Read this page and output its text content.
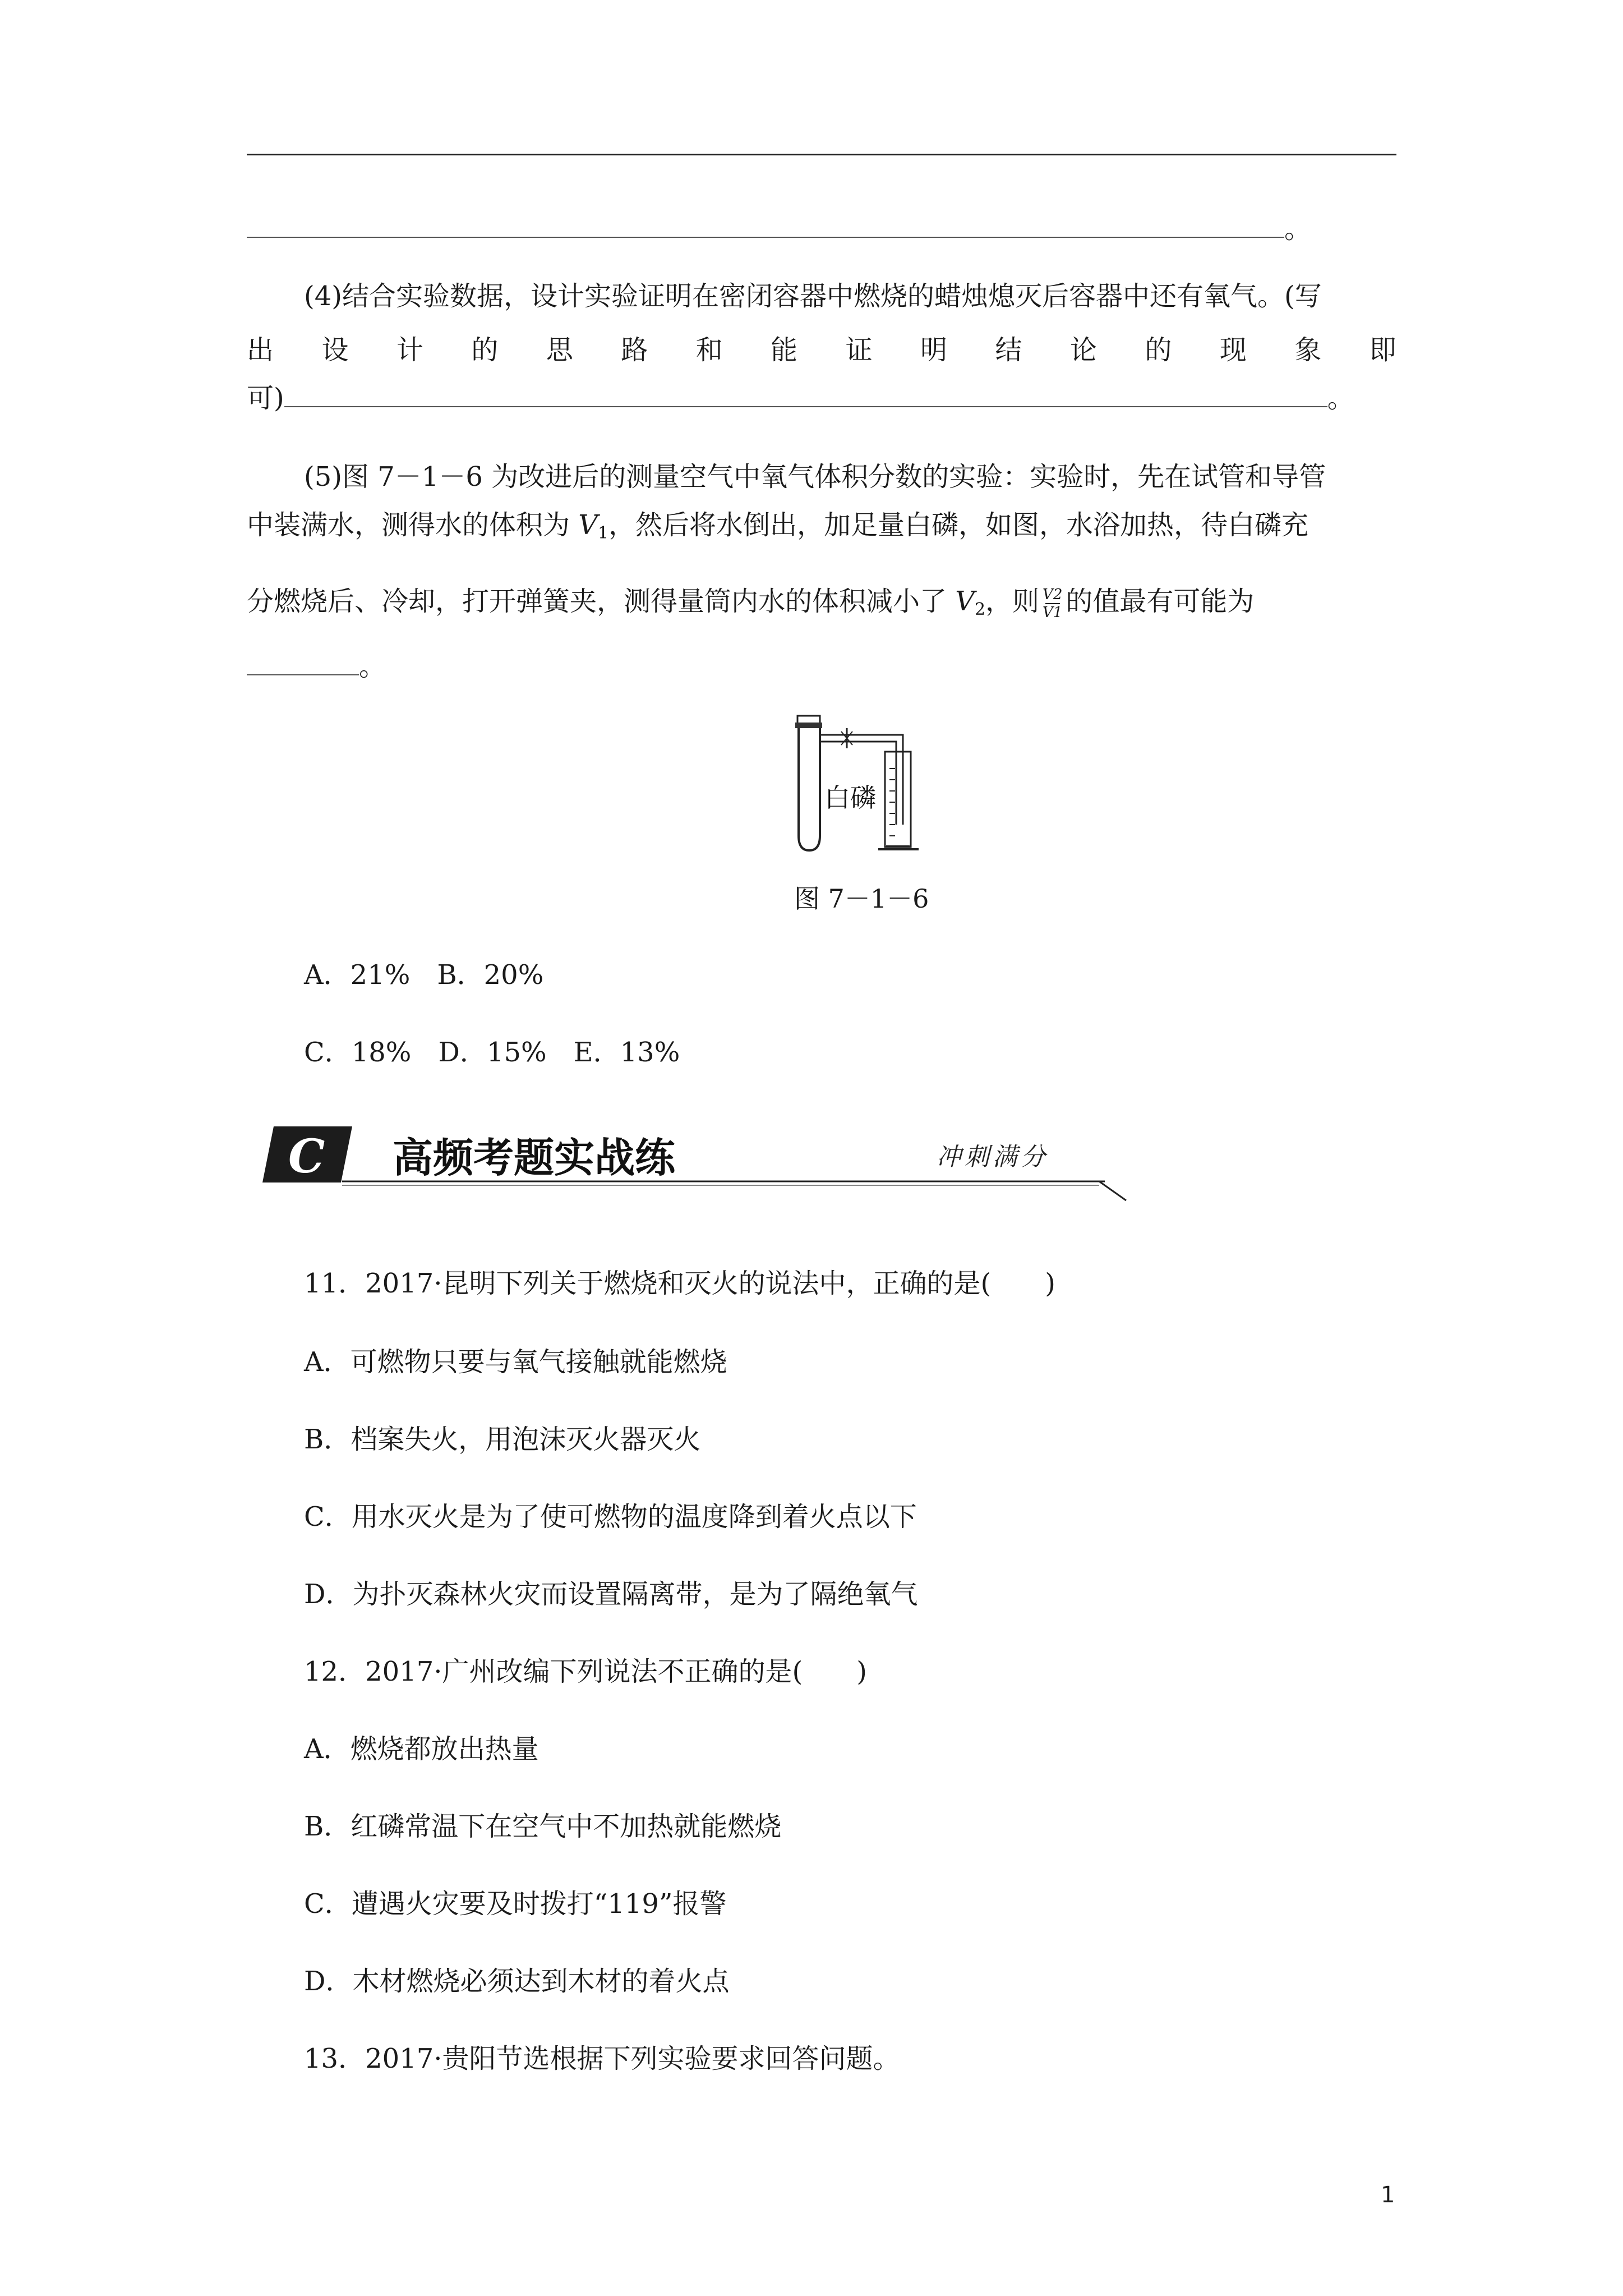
。
(4)结合实验数据，设计实验证明在密闭容器中燃烧的蜡烛熄灭后容器中还有氧气。(写
出 设 计 的 思 路 和 能 证 明 结 论 的 现 象 即
可)	。
(5)图 7－1－6 为改进后的测量空气中氧气体积分数的实验：实验时，先在试管和导管
中装满水，测得水的体积为 $V_1$，然后将水倒出，加足量白磷，如图，水浴加热，待白磷充
分燃烧后、冷却，打开弹簧夹，测得量筒内水的体积减小了 $V_2$，则 $\frac{V2}{V1}$ 的值最有可能为
。
白磷
图 7－1－6
A．21%　B．20%
C．18%　D．15%　E．13%
C 高频考题实战练	冲刺满分
11．2017·昆明下列关于燃烧和灭火的说法中，正确的是(　　)
A．可燃物只要与氧气接触就能燃烧
B．档案失火，用泡沫灭火器灭火
C．用水灭火是为了使可燃物的温度降到着火点以下
D．为扑灭森林火灾而设置隔离带，是为了隔绝氧气
12．2017·广州改编下列说法不正确的是(　　)
A．燃烧都放出热量
B．红磷常温下在空气中不加热就能燃烧
C．遭遇火灾要及时拨打“119”报警
D．木材燃烧必须达到木材的着火点
13．2017·贵阳节选根据下列实验要求回答问题。
1
